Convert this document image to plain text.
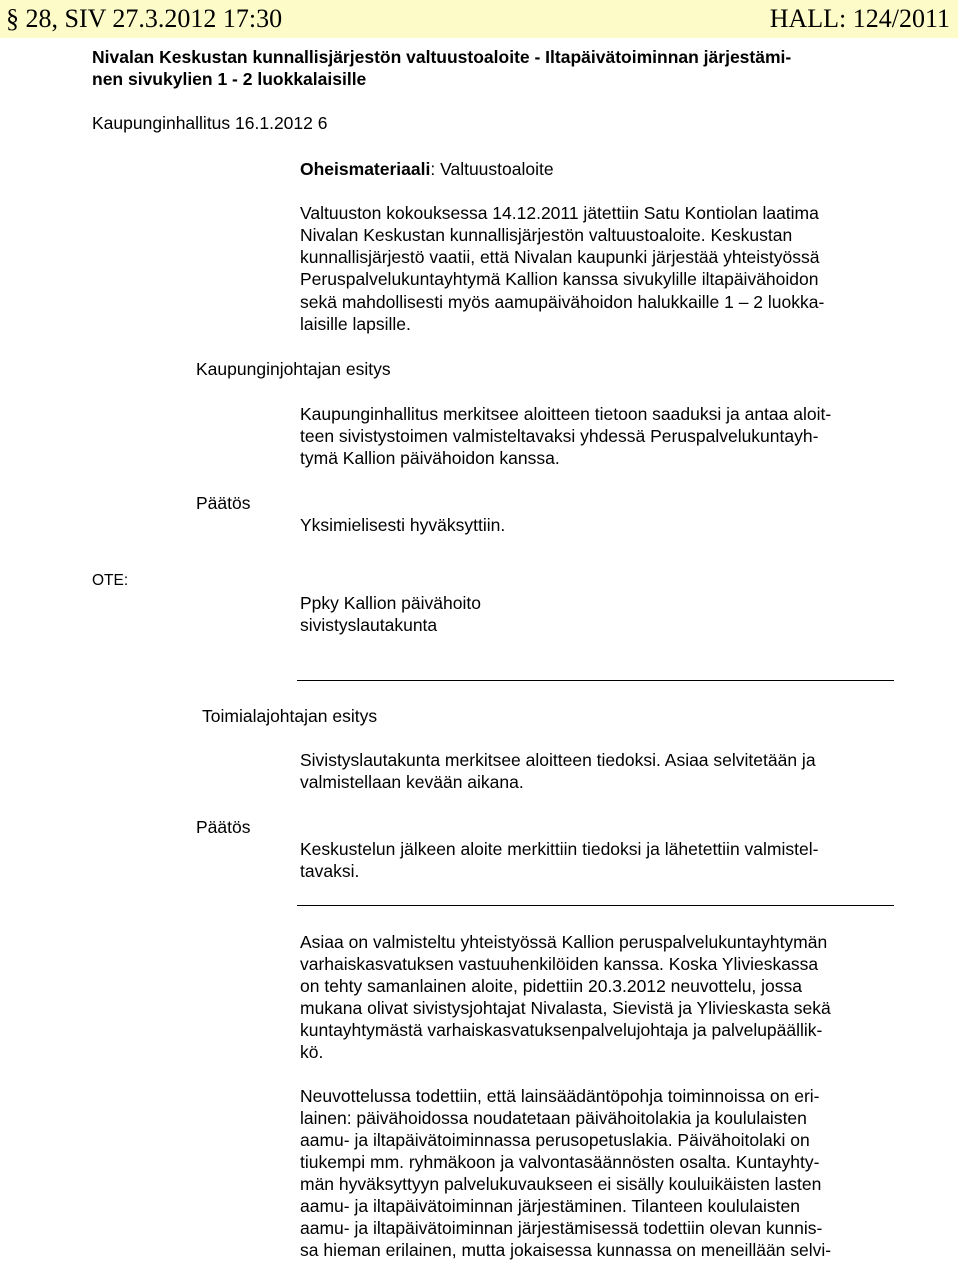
§ 28, SIV 27.3.2012 17:30	HALL: 124/2011
Nivalan Keskustan kunnallisjärjestön valtuustoaloite - Iltapäivätoiminnan järjestämi-
nen sivukylien 1 - 2 luokkalaisille
Kaupunginhallitus 16.1.2012 6
Oheismateriaali: Valtuustoaloite
Valtuuston kokouksessa 14.12.2011 jätettiin Satu Kontiolan laatima
Nivalan Keskustan kunnallisjärjestön valtuustoaloite. Keskustan
kunnallisjärjestö vaatii, että Nivalan kaupunki järjestää yhteistyössä
Peruspalvelukuntayhtymä Kallion kanssa sivukylille iltapäivähoidon
sekä mahdollisesti myös aamupäivähoidon halukkaille 1 – 2 luokka-
laisille lapsille.
Kaupunginjohtajan esitys
Kaupunginhallitus merkitsee aloitteen tietoon saaduksi ja antaa aloit-
teen sivistystoimen valmisteltavaksi yhdessä Peruspalvelukuntayh-
tymä Kallion päivähoidon kanssa.
Päätös
Yksimielisesti hyväksyttiin.
OTE:
Ppky Kallion päivähoito
sivistyslautakunta
Toimialajohtajan esitys
Sivistyslautakunta merkitsee aloitteen tiedoksi. Asiaa selvitetään ja
valmistellaan kevään aikana.
Päätös
Keskustelun jälkeen aloite merkittiin tiedoksi ja lähetettiin valmistel-
tavaksi.
Asiaa on valmisteltu yhteistyössä Kallion peruspalvelukuntayhtymän
varhaiskasvatuksen vastuuhenkilöiden kanssa. Koska Ylivieskassa
on tehty samanlainen aloite, pidettiin 20.3.2012 neuvottelu, jossa
mukana olivat sivistysjohtajat Nivalasta, Sievistä ja Ylivieskasta sekä
kuntayhtymästä varhaiskasvatuksenpalvelujohtaja ja palvelupäällik-
kö.
Neuvottelussa todettiin, että lainsäädäntöpohja toiminnoissa on eri-
lainen: päivähoidossa noudatetaan päivähoitolakia ja koululaisten
aamu- ja iltapäivätoiminnassa perusopetuslakia. Päivähoitolaki on
tiukempi mm. ryhmäkoon ja valvontasäännösten osalta. Kuntayhty-
män hyväksyttyyn palvelukuvaukseen ei sisälly kouluikäisten lasten
aamu- ja iltapäivätoiminnan järjestäminen. Tilanteen koululaisten
aamu- ja iltapäivätoiminnan järjestämisessä todettiin olevan kunnis-
sa hieman erilainen, mutta jokaisessa kunnassa on meneillään selvi-
